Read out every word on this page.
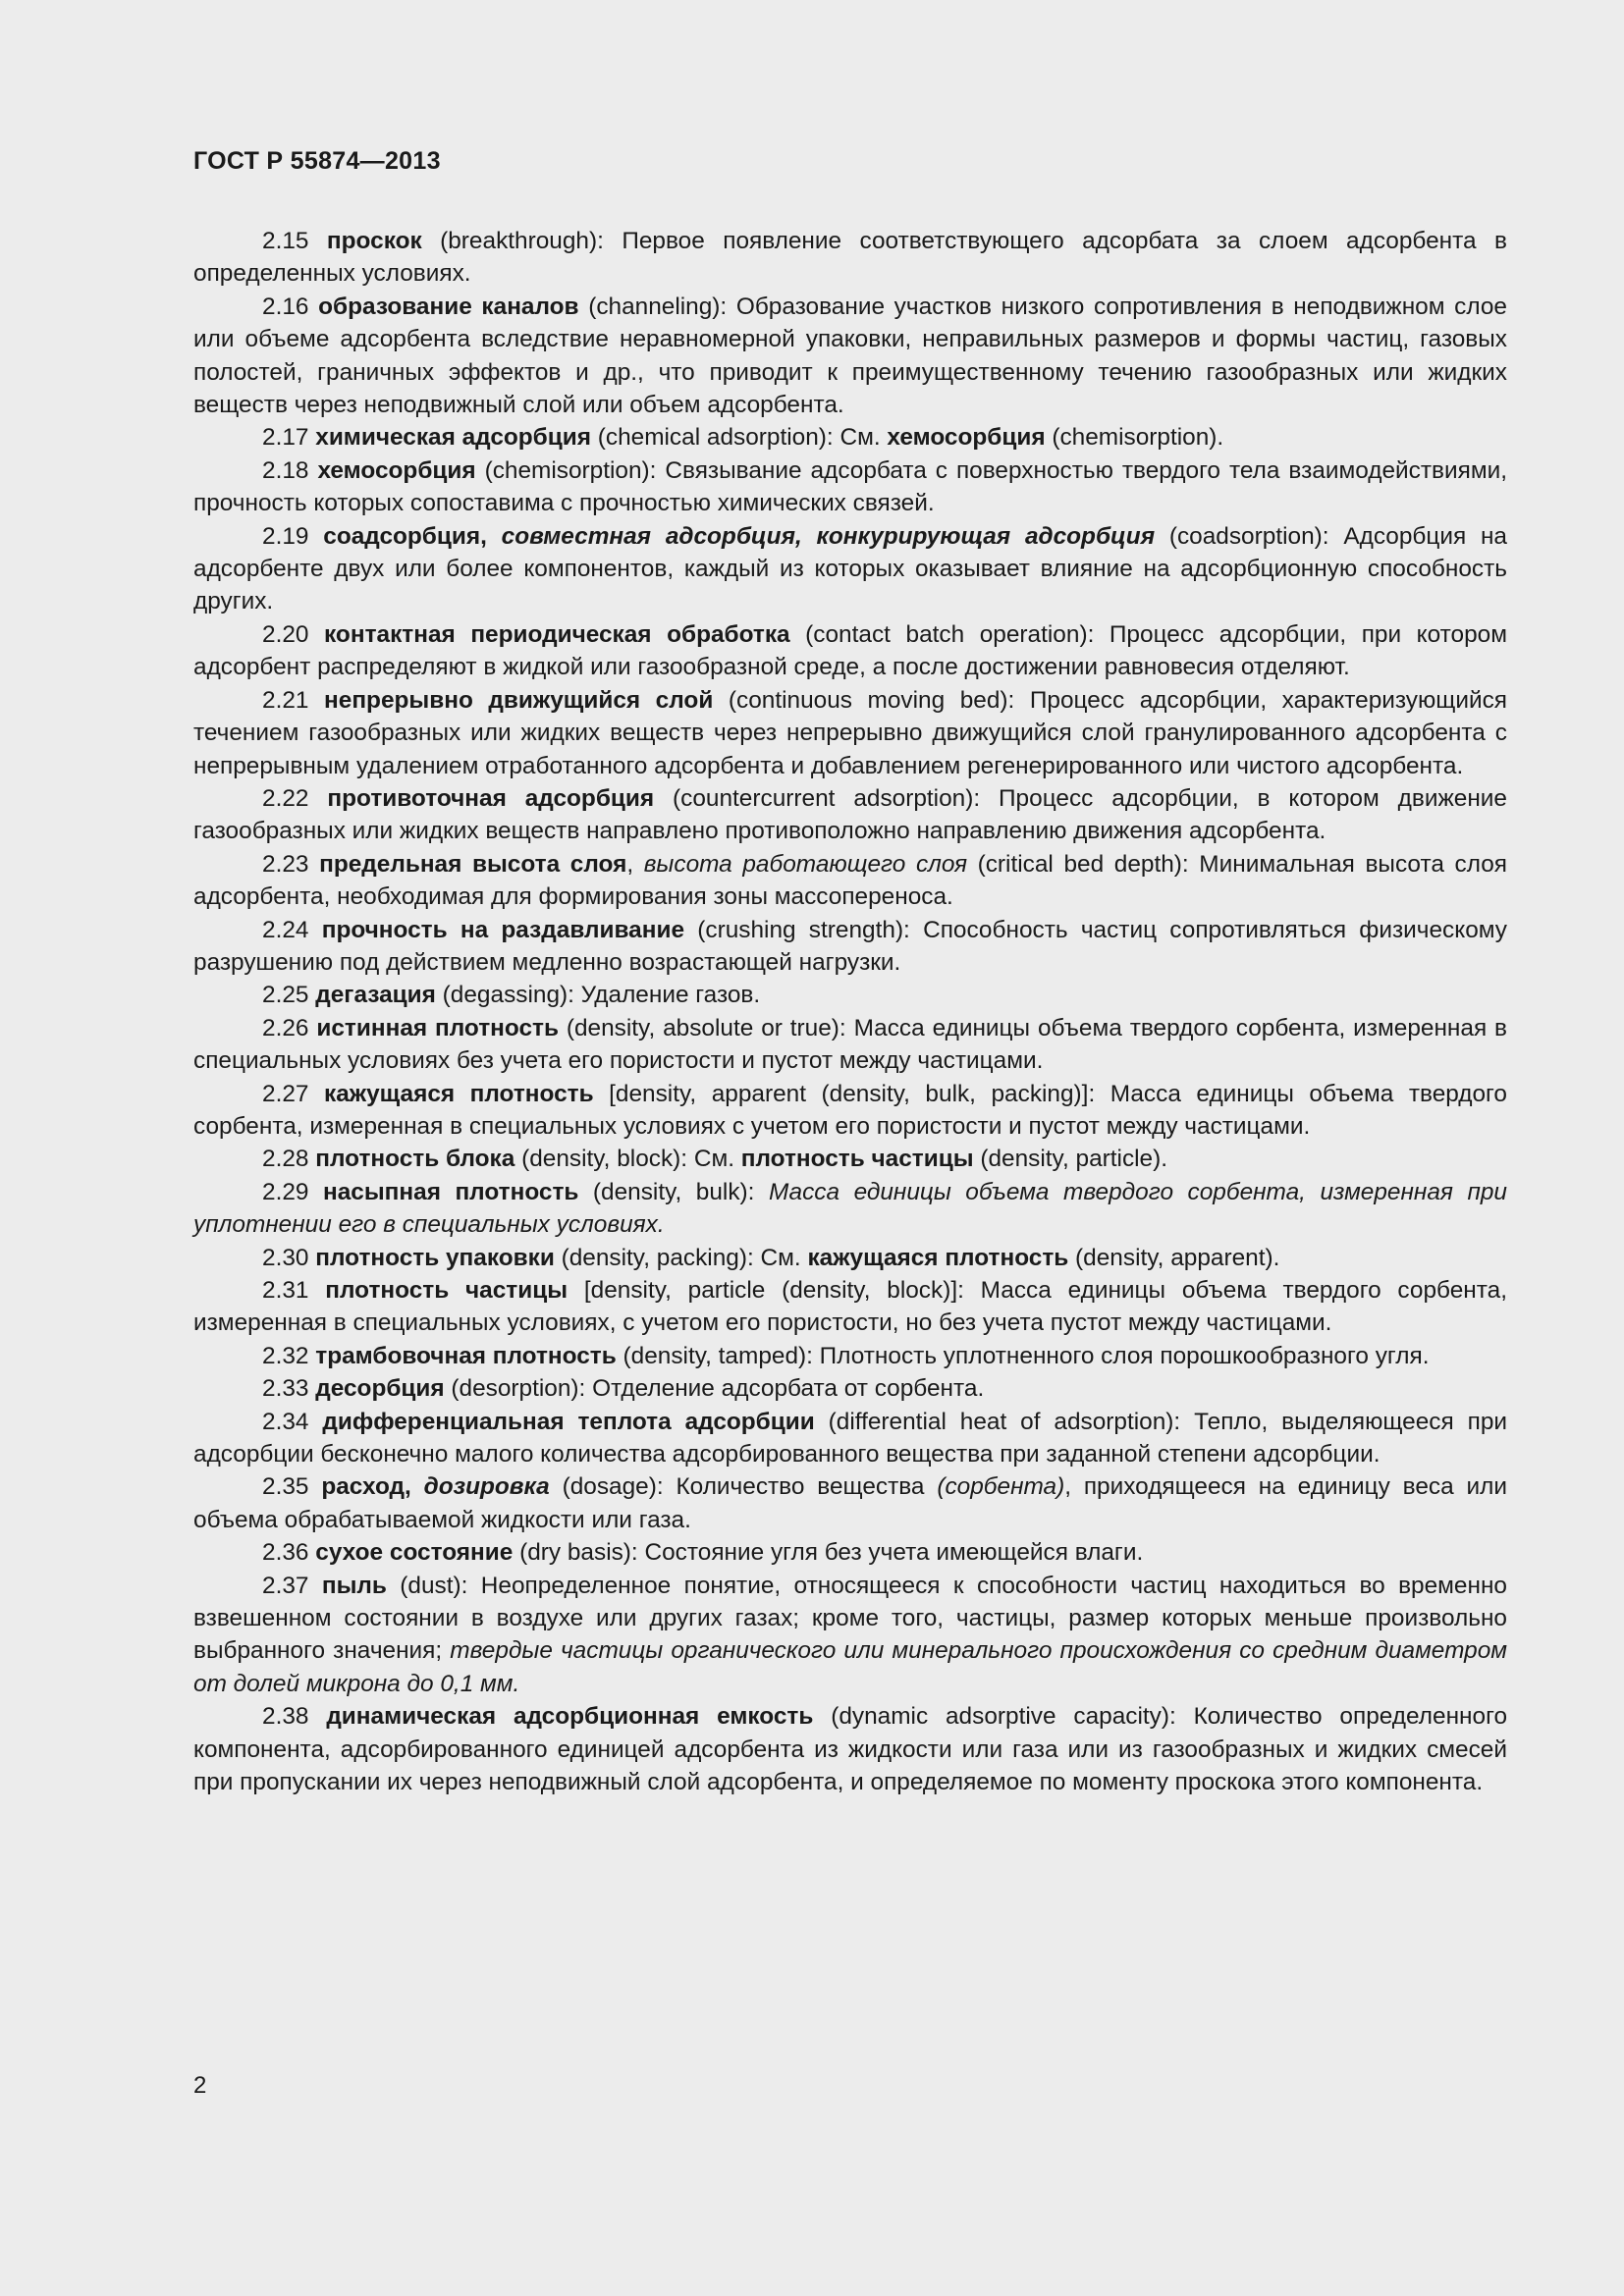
ГОСТ Р 55874—2013

2.15 проскок (breakthrough): Первое появление соответствующего адсорбата за слоем адсорбента в определенных условиях.

2.16 образование каналов (channeling): Образование участков низкого сопротивления в неподвижном слое или объеме адсорбента вследствие неравномерной упаковки, неправильных размеров и формы частиц, газовых полостей, граничных эффектов и др., что приводит к преимущественному течению газообразных или жидких веществ через неподвижный слой или объем адсорбента.

2.17 химическая адсорбция (chemical adsorption): См. хемосорбция (chemisorption).

2.18 хемосорбция (chemisorption): Связывание адсорбата с поверхностью твердого тела взаимодействиями, прочность которых сопоставима с прочностью химических связей.

2.19 соадсорбция, совместная адсорбция, конкурирующая адсорбция (coadsorption): Адсорбция на адсорбенте двух или более компонентов, каждый из которых оказывает влияние на адсорбционную способность других.

2.20 контактная периодическая обработка (contact batch operation): Процесс адсорбции, при котором адсорбент распределяют в жидкой или газообразной среде, а после достижении равновесия отделяют.

2.21 непрерывно движущийся слой (continuous moving bed): Процесс адсорбции, характеризующийся течением газообразных или жидких веществ через непрерывно движущийся слой гранулированного адсорбента с непрерывным удалением отработанного адсорбента и добавлением регенерированного или чистого адсорбента.

2.22 противоточная адсорбция (countercurrent adsorption): Процесс адсорбции, в котором движение газообразных или жидких веществ направлено противоположно направлению движения адсорбента.

2.23 предельная высота слоя, высота работающего слоя (critical bed depth): Минимальная высота слоя адсорбента, необходимая для формирования зоны массопереноса.

2.24 прочность на раздавливание (crushing strength): Способность частиц сопротивляться физическому разрушению под действием медленно возрастающей нагрузки.

2.25 дегазация (degassing): Удаление газов.

2.26 истинная плотность (density, absolute or true): Масса единицы объема твердого сорбента, измеренная в специальных условиях без учета его пористости и пустот между частицами.

2.27 кажущаяся плотность [density, apparent (density, bulk, packing)]: Масса единицы объема твердого сорбента, измеренная в специальных условиях с учетом его пористости и пустот между частицами.

2.28 плотность блока (density, block): См. плотность частицы (density, particle).

2.29 насыпная плотность (density, bulk): Масса единицы объема твердого сорбента, измеренная при уплотнении его в специальных условиях.

2.30 плотность упаковки (density, packing): См. кажущаяся плотность (density, apparent).

2.31 плотность частицы [density, particle (density, block)]: Масса единицы объема твердого сорбента, измеренная в специальных условиях, с учетом его пористости, но без учета пустот между частицами.

2.32 трамбовочная плотность (density, tamped): Плотность уплотненного слоя порошкообразного угля.

2.33 десорбция (desorption): Отделение адсорбата от сорбента.

2.34 дифференциальная теплота адсорбции (differential heat of adsorption): Тепло, выделяющееся при адсорбции бесконечно малого количества адсорбированного вещества при заданной степени адсорбции.

2.35 расход, дозировка (dosage): Количество вещества (сорбента), приходящееся на единицу веса или объема обрабатываемой жидкости или газа.

2.36 сухое состояние (dry basis): Состояние угля без учета имеющейся влаги.

2.37 пыль (dust): Неопределенное понятие, относящееся к способности частиц находиться во временно взвешенном состоянии в воздухе или других газах; кроме того, частицы, размер которых меньше произвольно выбранного значения; твердые частицы органического или минерального происхождения со средним диаметром от долей микрона до 0,1 мм.

2.38 динамическая адсорбционная емкость (dynamic adsorptive capacity): Количество определенного компонента, адсорбированного единицей адсорбента из жидкости или газа или из газообразных и жидких смесей при пропускании их через неподвижный слой адсорбента, и определяемое по моменту проскока этого компонента.

2
